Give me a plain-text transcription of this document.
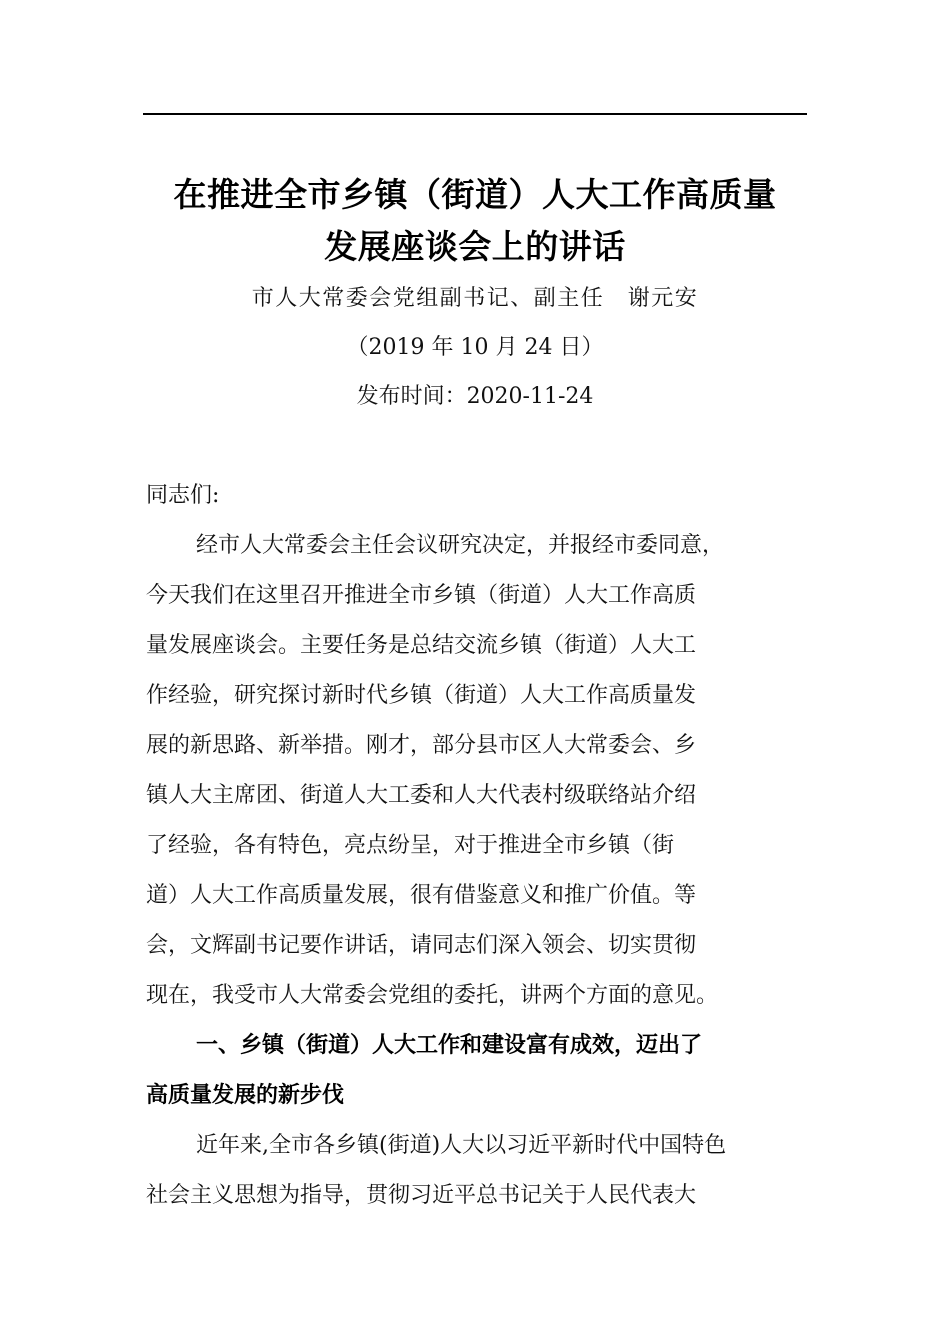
在推进全市乡镇（街道）人大工作高质量
发展座谈会上的讲话
市人大常委会党组副书记、副主任　谢元安
（2019 年 10 月 24 日）
发布时间：2020-11-24
同志们:
经市人大常委会主任会议研究决定，并报经市委同意，
今天我们在这里召开推进全市乡镇（街道）人大工作高质
量发展座谈会。主要任务是总结交流乡镇（街道）人大工
作经验，研究探讨新时代乡镇（街道）人大工作高质量发
展的新思路、新举措。刚才，部分县市区人大常委会、乡
镇人大主席团、街道人大工委和人大代表村级联络站介绍
了经验，各有特色，亮点纷呈，对于推进全市乡镇（街
道）人大工作高质量发展，很有借鉴意义和推广价值。等
会，文辉副书记要作讲话，请同志们深入领会、切实贯彻
现在，我受市人大常委会党组的委托，讲两个方面的意见。
一、乡镇（街道）人大工作和建设富有成效，迈出了
高质量发展的新步伐
近年来,全市各乡镇(街道)人大以习近平新时代中国特色
社会主义思想为指导，贯彻习近平总书记关于人民代表大
